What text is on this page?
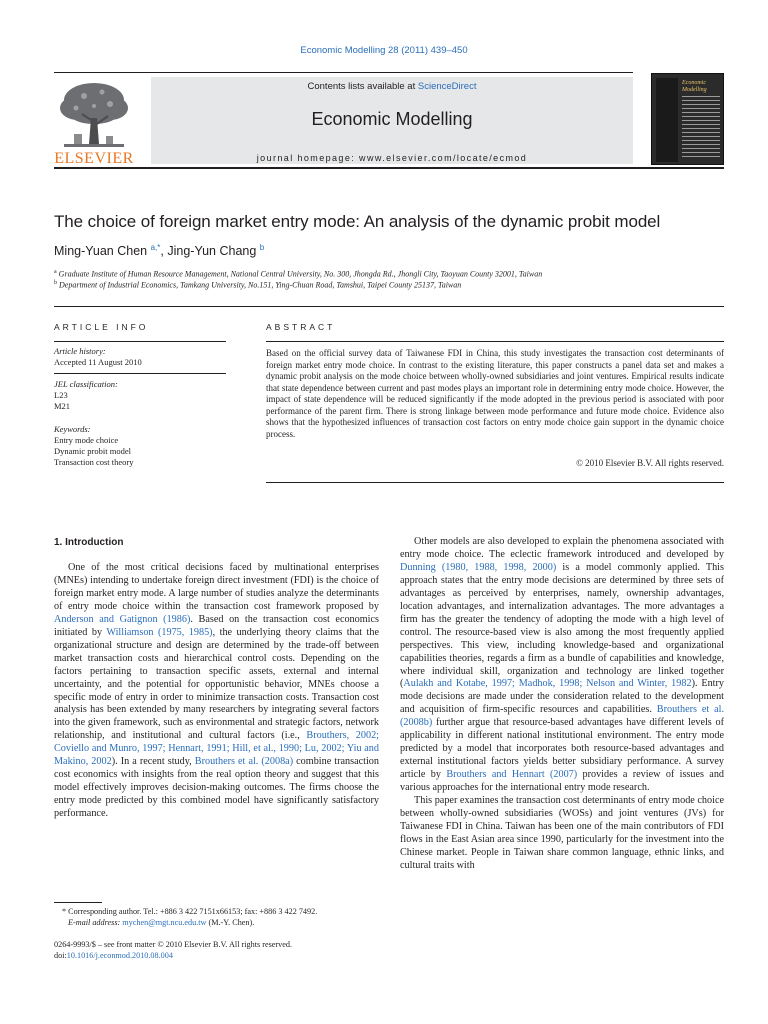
Economic Modelling 28 (2011) 439–450
ELSEVIER
Contents lists available at ScienceDirect
Economic Modelling
journal homepage: www.elsevier.com/locate/ecmod
Economic Modelling
The choice of foreign market entry mode: An analysis of the dynamic probit model
Ming-Yuan Chen $^{a,*}$, Jing-Yun Chang $^b$
$^a$ Graduate Institute of Human Resource Management, National Central University, No. 300, Jhongda Rd., Jhongli City, Taoyuan County 32001, Taiwan
$^b$ Department of Industrial Economics, Tamkang University, No.151, Ying-Chuan Road, Tamshui, Taipei County 25137, Taiwan
ARTICLE INFO
Article history:
Accepted 11 August 2010
JEL classification:
L23
M21
Keywords:
Entry mode choice
Dynamic probit model
Transaction cost theory
ABSTRACT
Based on the official survey data of Taiwanese FDI in China, this study investigates the transaction cost determinants of foreign market entry mode choice. In contrast to the existing literature, this paper constructs a panel data set and makes a dynamic probit analysis on the mode choice between wholly-owned subsidiaries and joint ventures. Empirical results indicate that state dependence between current and past modes plays an important role in determining entry mode choice. However, the impact of state dependence will be reduced significantly if the mode adopted in the previous period is associated with poor performance of the parent firm. There is strong linkage between mode performance and future mode choice. Evidence also shows that the hypothesized influences of transaction cost factors on entry mode choice gain support in the dynamic choice process.
© 2010 Elsevier B.V. All rights reserved.
1. Introduction

One of the most critical decisions faced by multinational enterprises (MNEs) intending to undertake foreign direct investment (FDI) is the choice of foreign market entry mode. A large number of studies analyze the determinants of entry mode choice within the transaction cost framework proposed by Anderson and Gatignon (1986). Based on the transaction cost economics initiated by Williamson (1975, 1985), the underlying theory claims that the organizational structure and design are determined by the trade-off between market transaction costs and hierarchical control costs. Depending on the factors pertaining to transaction specific assets, external and internal uncertainty, and the potential for opportunistic behavior, MNEs choose a specific mode of entry in order to minimize transaction costs. Transaction cost analysis has been extended by many researchers by integrating several factors into the given framework, such as environmental and strategic factors, network relationship, and institutional and cultural factors (i.e., Brouthers, 2002; Coviello and Munro, 1997; Hennart, 1991; Hill, et al., 1990; Lu, 2002; Yiu and Makino, 2002). In a recent study, Brouthers et al. (2008a) combine transaction cost economics with insights from the real option theory and suggest that this model effectively improves decision-making outcomes. The firms choose the entry mode predicted by this combined model have significantly satisfactory performance.

Other models are also developed to explain the phenomena associated with entry mode choice. The eclectic framework introduced and developed by Dunning (1980, 1988, 1998, 2000) is a model commonly applied. This approach states that the entry mode decisions are determined by three sets of advantages as perceived by enterprises, namely, ownership advantages, location advantages, and internalization advantages. The more advantages a firm has the greater the tendency of adopting the mode with a high level of control. The resource-based view is also among the most frequently applied perspectives. This view, including knowledge-based and organizational capabilities theories, regards a firm as a bundle of capabilities and knowledge, where individual skill, organization and technology are linked together (Aulakh and Kotabe, 1997; Madhok, 1998; Nelson and Winter, 1982). Entry mode decisions are made under the consideration related to the development and acquisition of firm-specific resources and capabilities. Brouthers et al. (2008b) further argue that resource-based advantages have different levels of applicability in different national institutional environment. The entry mode predicted by a model that incorporates both resource-based advantages and external institutional factors yields better subsidiary performance. A survey article by Brouthers and Hennart (2007) provides a review of issues and various approaches for the international entry mode research.

This paper examines the transaction cost determinants of entry mode choice between wholly-owned subsidiaries (WOSs) and joint ventures (JVs) for Taiwanese FDI in China. Taiwan has been one of the main contributors of FDI flows in the East Asian area since 1990, particularly for the investment into the Chinese market. People in Taiwan share common language, ethnic links, and cultural traits with

* Corresponding author. Tel.: +886 3 422 7151x66153; fax: +886 3 422 7492.
E-mail address: mychen@mgt.ncu.edu.tw (M.-Y. Chen).
0264-9993/$ – see front matter © 2010 Elsevier B.V. All rights reserved.
doi:10.1016/j.econmod.2010.08.004
